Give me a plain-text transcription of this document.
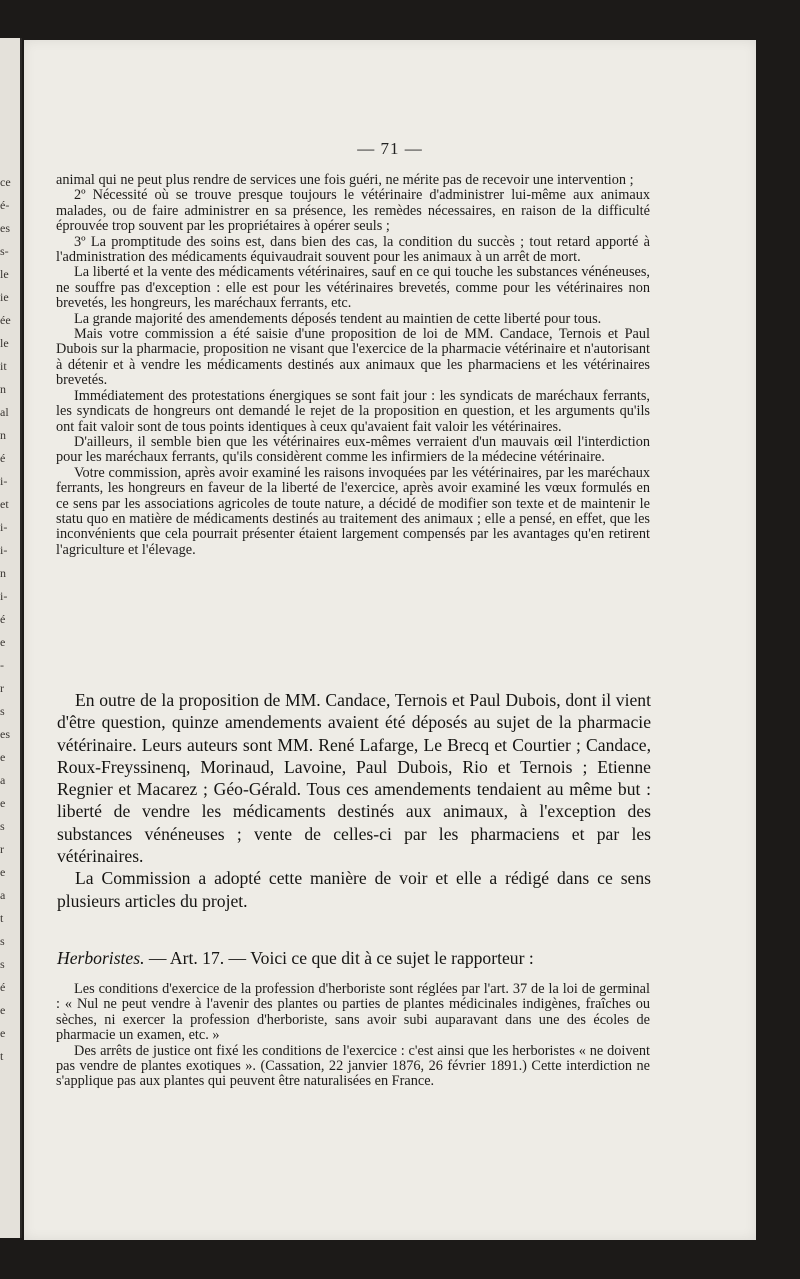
ce
é-
es
s-
le
ie
ée
le
it
n
al
n
é
i-
et
i-
i-
n
i-
é
e
-
r
s
es
e
a
e
s
r
e
a
t
s
s
é
e
e
t
— 71 —

animal qui ne peut plus rendre de services une fois guéri, ne mérite pas de recevoir une intervention ;

2º Nécessité où se trouve presque toujours le vétérinaire d'administrer lui-même aux animaux malades, ou de faire administrer en sa présence, les remèdes nécessaires, en raison de la difficulté éprouvée trop souvent par les propriétaires à opérer seuls ;

3º La promptitude des soins est, dans bien des cas, la condition du succès ; tout retard apporté à l'administration des médicaments équivaudrait souvent pour les animaux à un arrêt de mort.

La liberté et la vente des médicaments vétérinaires, sauf en ce qui touche les substances vénéneuses, ne souffre pas d'exception : elle est pour les vétérinaires brevetés, comme pour les vétérinaires non brevetés, les hongreurs, les maréchaux ferrants, etc.

La grande majorité des amendements déposés tendent au maintien de cette liberté pour tous.

Mais votre commission a été saisie d'une proposition de loi de MM. Candace, Ternois et Paul Dubois sur la pharmacie, proposition ne visant que l'exercice de la pharmacie vétérinaire et n'autorisant à détenir et à vendre les médicaments destinés aux animaux que les pharmaciens et les vétérinaires brevetés.

Immédiatement des protestations énergiques se sont fait jour : les syndicats de maréchaux ferrants, les syndicats de hongreurs ont demandé le rejet de la proposition en question, et les arguments qu'ils ont fait valoir sont de tous points identiques à ceux qu'avaient fait valoir les vétérinaires.

D'ailleurs, il semble bien que les vétérinaires eux-mêmes verraient d'un mauvais œil l'interdiction pour les maréchaux ferrants, qu'ils considèrent comme les infirmiers de la médecine vétérinaire.

Votre commission, après avoir examiné les raisons invoquées par les vétérinaires, par les maréchaux ferrants, les hongreurs en faveur de la liberté de l'exercice, après avoir examiné les vœux formulés en ce sens par les associations agricoles de toute nature, a décidé de modifier son texte et de maintenir le statu quo en matière de médicaments destinés au traitement des animaux ; elle a pensé, en effet, que les inconvénients que cela pourrait présenter étaient largement compensés par les avantages qu'en retirent l'agriculture et l'élevage.

En outre de la proposition de MM. Candace, Ternois et Paul Dubois, dont il vient d'être question, quinze amendements avaient été déposés au sujet de la pharmacie vétérinaire. Leurs auteurs sont MM. René Lafarge, Le Brecq et Courtier ; Candace, Roux-Freyssinenq, Morinaud, Lavoine, Paul Dubois, Rio et Ternois ; Etienne Regnier et Macarez ; Géo-Gérald. Tous ces amendements tendaient au même but : liberté de vendre les médicaments destinés aux animaux, à l'exception des substances vénéneuses ; vente de celles-ci par les pharmaciens et par les vétérinaires.

La Commission a adopté cette manière de voir et elle a rédigé dans ce sens plusieurs articles du projet.

Herboristes. — Art. 17. — Voici ce que dit à ce sujet le rapporteur :

Les conditions d'exercice de la profession d'herboriste sont réglées par l'art. 37 de la loi de germinal : « Nul ne peut vendre à l'avenir des plantes ou parties de plantes médicinales indigènes, fraîches ou sèches, ni exercer la profession d'herboriste, sans avoir subi auparavant dans une des écoles de pharmacie un examen, etc. »

Des arrêts de justice ont fixé les conditions de l'exercice : c'est ainsi que les herboristes « ne doivent pas vendre de plantes exotiques ». (Cassation, 22 janvier 1876, 26 février 1891.) Cette interdiction ne s'applique pas aux plantes qui peuvent être naturalisées en France.
